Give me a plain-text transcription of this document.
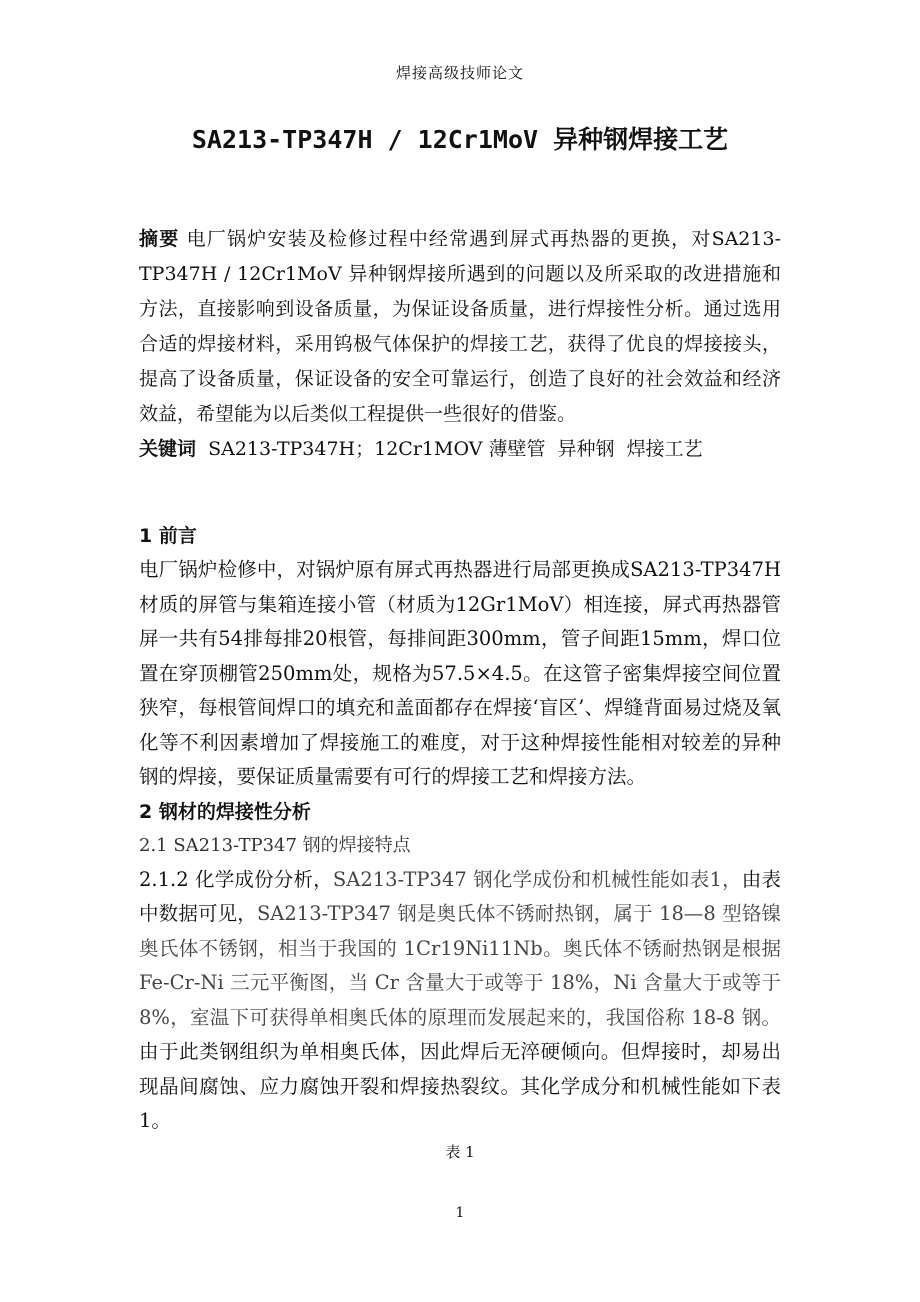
焊接高级技师论文
SA213-TP347H / 12Cr1MoV 异种钢焊接工艺

摘要 电厂锅炉安装及检修过程中经常遇到屏式再热器的更换，对SA213-TP347H / 12Cr1MoV 异种钢焊接所遇到的问题以及所采取的改进措施和方法，直接影响到设备质量，为保证设备质量，进行焊接性分析。通过选用合适的焊接材料，采用钨极气体保护的焊接工艺，获得了优良的焊接接头，提高了设备质量，保证设备的安全可靠运行，创造了良好的社会效益和经济效益，希望能为以后类似工程提供一些很好的借鉴。

关键词  SA213-TP347H；12Cr1MOV 薄壁管  异种钢  焊接工艺

1 前言

电厂锅炉检修中，对锅炉原有屏式再热器进行局部更换成SA213-TP347H材质的屏管与集箱连接小管（材质为12Gr1MoV）相连接，屏式再热器管屏一共有54排每排20根管，每排间距300mm，管子间距15mm，焊口位置在穿顶棚管250mm处，规格为57.5×4.5。在这管子密集焊接空间位置狭窄，每根管间焊口的填充和盖面都存在焊接‘盲区’、焊缝背面易过烧及氧化等不利因素增加了焊接施工的难度，对于这种焊接性能相对较差的异种钢的焊接，要保证质量需要有可行的焊接工艺和焊接方法。

2 钢材的焊接性分析

2.1 SA213-TP347 钢的焊接特点

2.1.2 化学成份分析，SA213-TP347 钢化学成份和机械性能如表1，由表中数据可见，SA213-TP347 钢是奥氏体不锈耐热钢，属于 18—8 型铬镍奥氏体不锈钢，相当于我国的 1Cr19Ni11Nb。奥氏体不锈耐热钢是根据 Fe-Cr-Ni 三元平衡图，当 Cr 含量大于或等于 18%，Ni 含量大于或等于 8%，室温下可获得单相奥氏体的原理而发展起来的，我国俗称 18-8 钢。由于此类钢组织为单相奥氏体，因此焊后无淬硬倾向。但焊接时，却易出现晶间腐蚀、应力腐蚀开裂和焊接热裂纹。其化学成分和机械性能如下表1。

表 1

1
